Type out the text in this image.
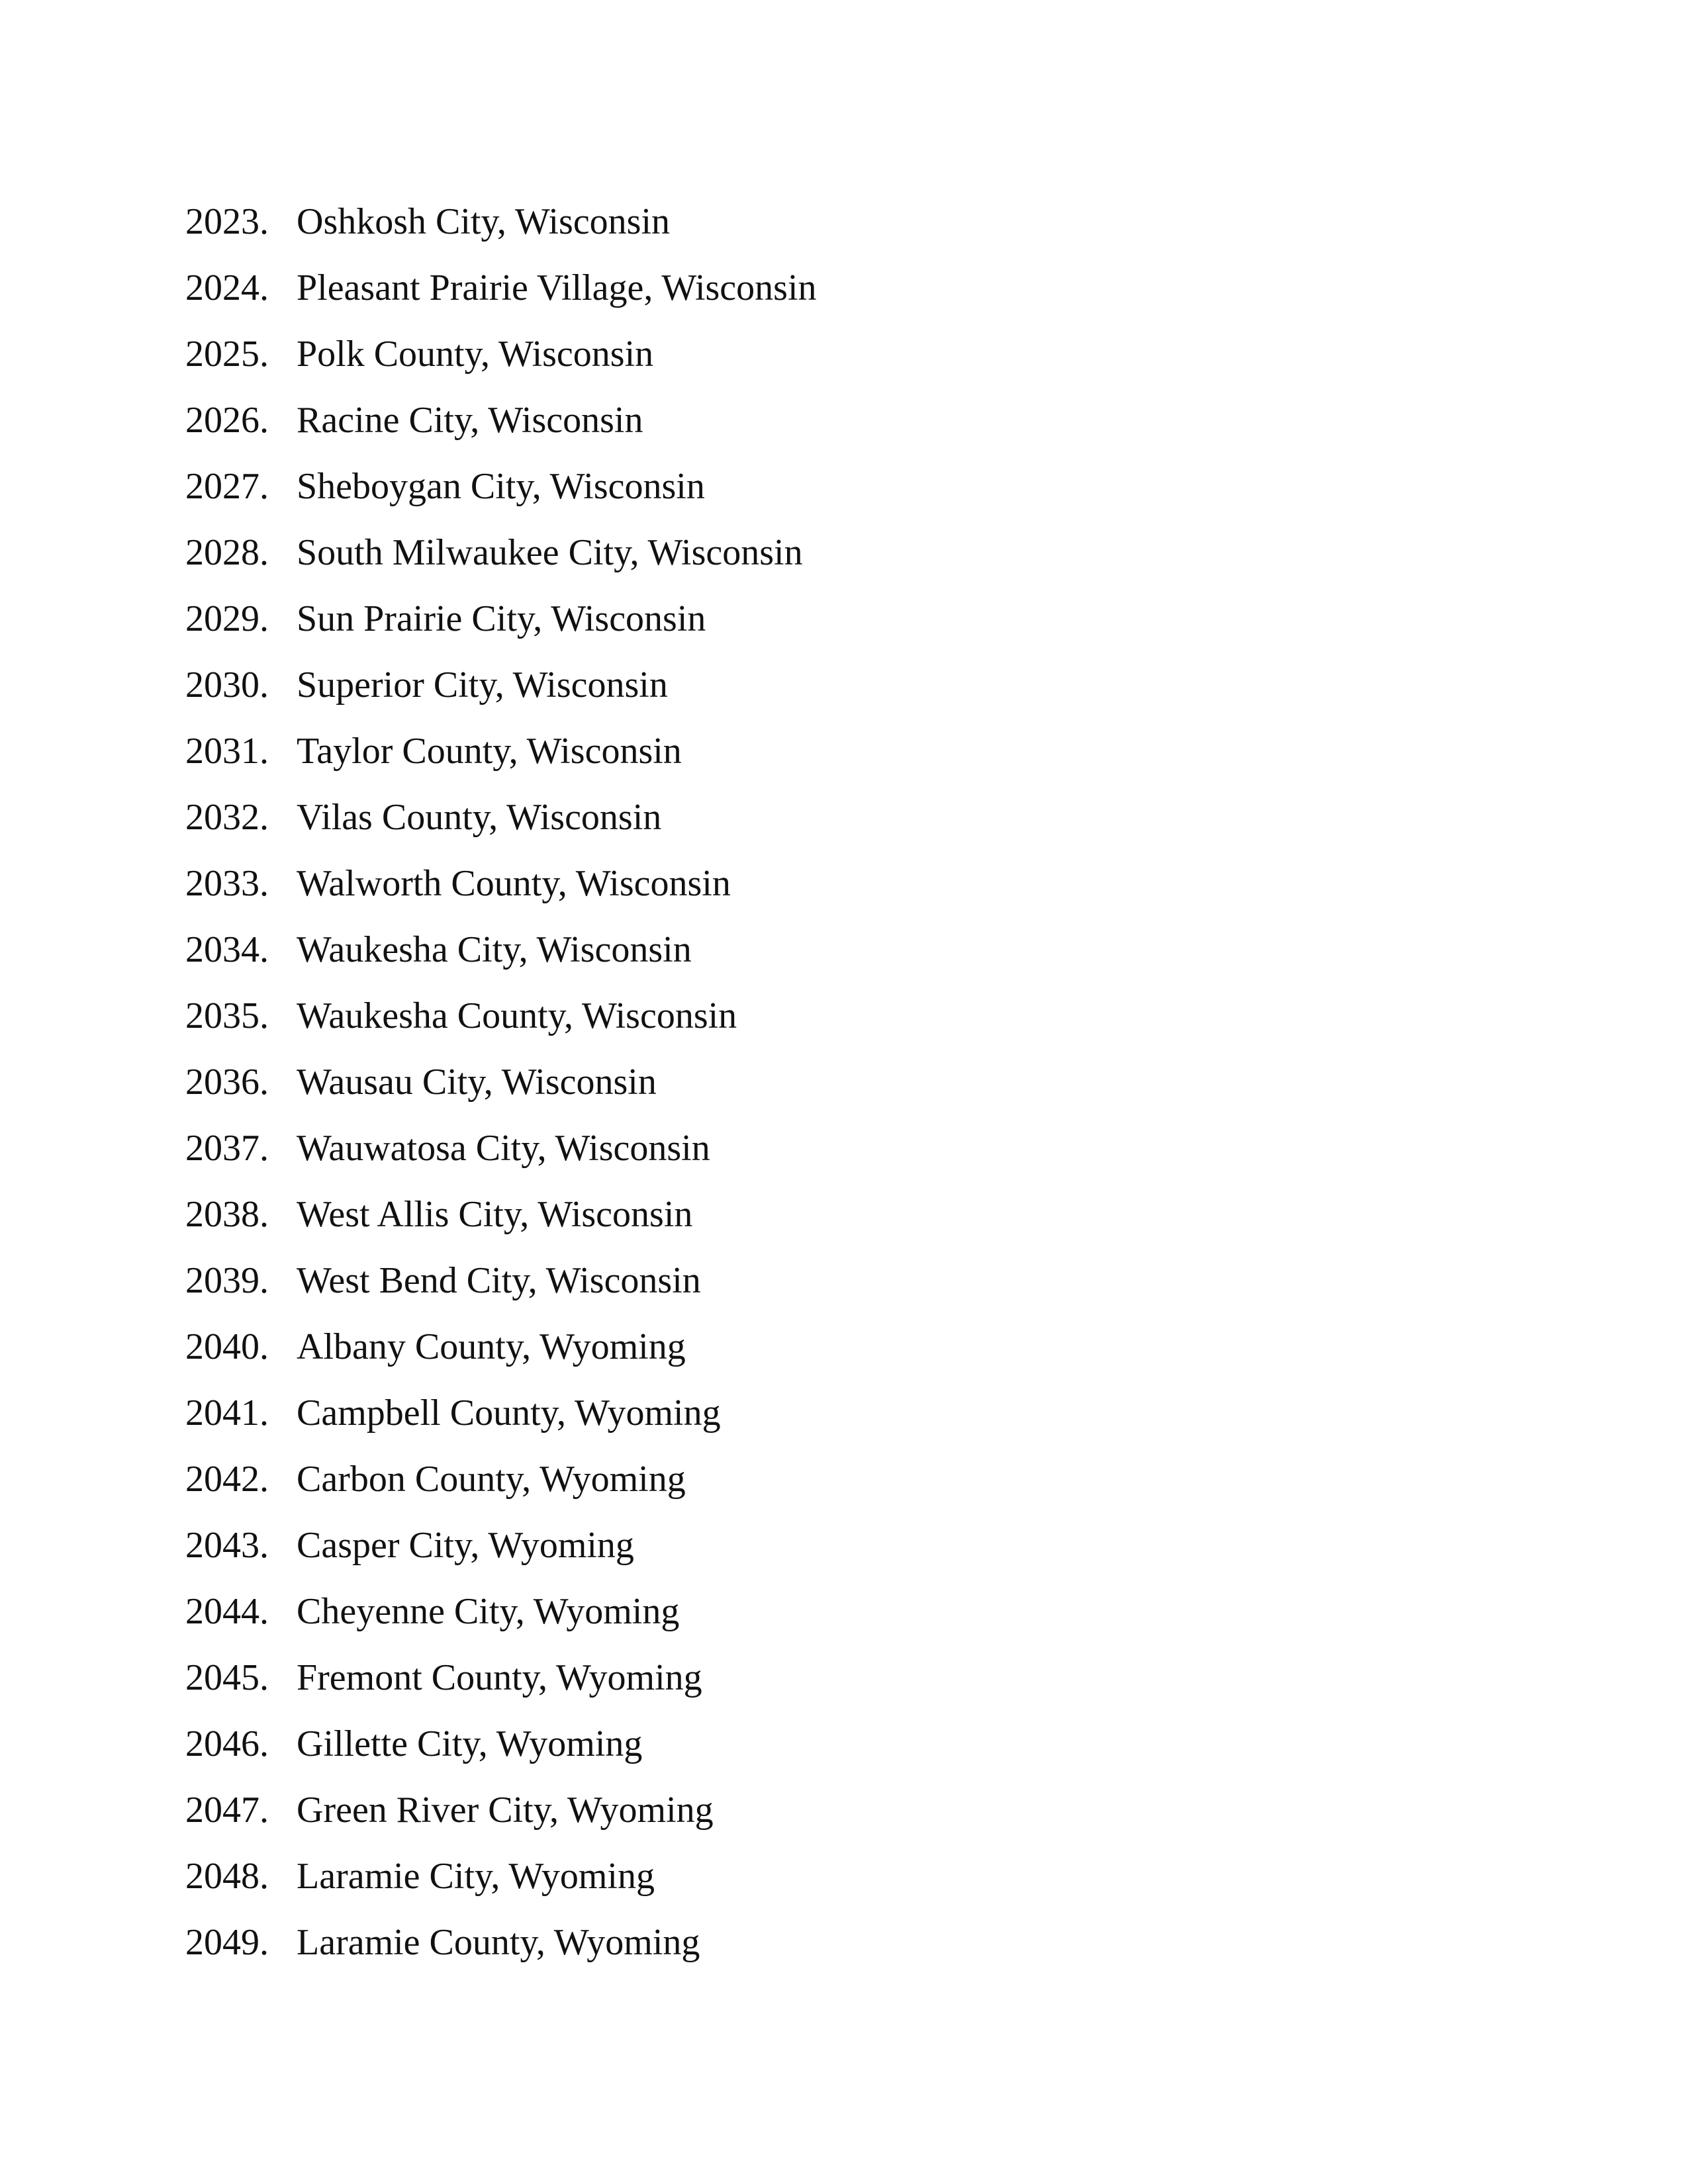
2023. Oshkosh City, Wisconsin
2024. Pleasant Prairie Village, Wisconsin
2025. Polk County, Wisconsin
2026. Racine City, Wisconsin
2027. Sheboygan City, Wisconsin
2028. South Milwaukee City, Wisconsin
2029. Sun Prairie City, Wisconsin
2030. Superior City, Wisconsin
2031. Taylor County, Wisconsin
2032. Vilas County, Wisconsin
2033. Walworth County, Wisconsin
2034. Waukesha City, Wisconsin
2035. Waukesha County, Wisconsin
2036. Wausau City, Wisconsin
2037. Wauwatosa City, Wisconsin
2038. West Allis City, Wisconsin
2039. West Bend City, Wisconsin
2040. Albany County, Wyoming
2041. Campbell County, Wyoming
2042. Carbon County, Wyoming
2043. Casper City, Wyoming
2044. Cheyenne City, Wyoming
2045. Fremont County, Wyoming
2046. Gillette City, Wyoming
2047. Green River City, Wyoming
2048. Laramie City, Wyoming
2049. Laramie County, Wyoming
